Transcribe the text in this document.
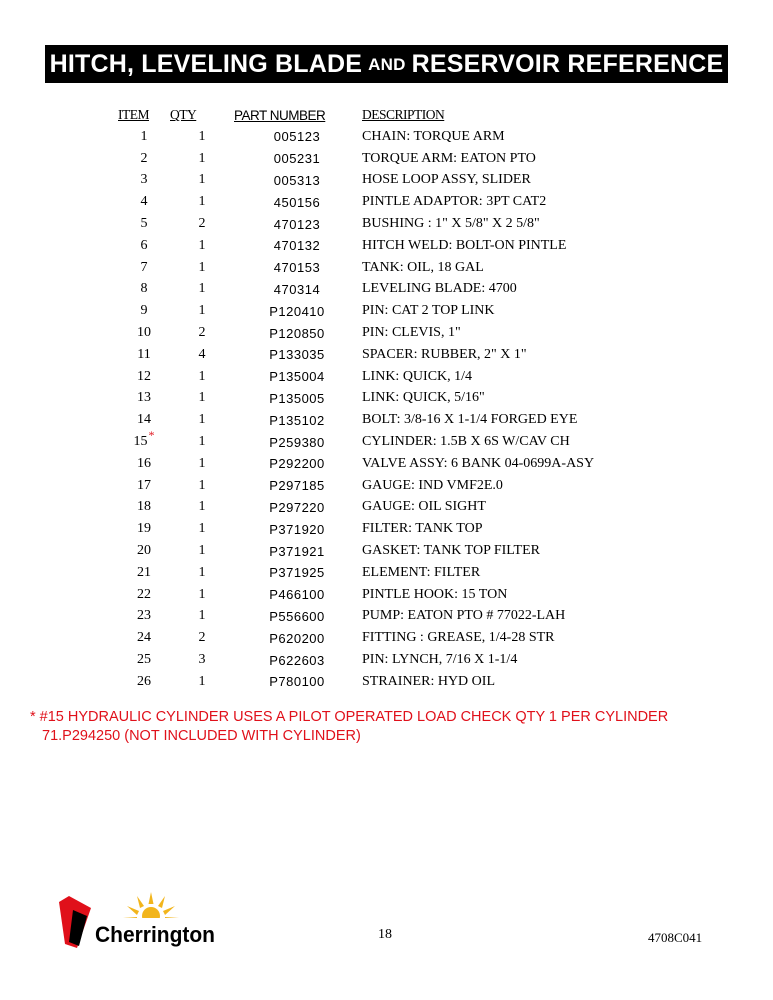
HITCH, LEVELING BLADE AND RESERVOIR REFERENCE
ITEM	QTY	PART NUMBER	DESCRIPTION
1	1	005123	CHAIN: TORQUE ARM
2	1	005231	TORQUE ARM: EATON PTO
3	1	005313	HOSE LOOP ASSY, SLIDER
4	1	450156	PINTLE ADAPTOR: 3PT CAT2
5	2	470123	BUSHING : 1" X 5/8" X 2 5/8"
6	1	470132	HITCH WELD: BOLT-ON PINTLE
7	1	470153	TANK: OIL, 18 GAL
8	1	470314	LEVELING BLADE: 4700
9	1	P120410	PIN: CAT 2 TOP LINK
10	2	P120850	PIN: CLEVIS, 1"
11	4	P133035	SPACER: RUBBER, 2" X 1"
12	1	P135004	LINK: QUICK, 1/4
13	1	P135005	LINK: QUICK, 5/16"
14	1	P135102	BOLT: 3/8-16 X 1-1/4 FORGED EYE
15*	1	P259380	CYLINDER: 1.5B X 6S W/CAV CH
16	1	P292200	VALVE ASSY: 6 BANK 04-0699A-ASY
17	1	P297185	GAUGE: IND VMF2E.0
18	1	P297220	GAUGE: OIL SIGHT
19	1	P371920	FILTER: TANK TOP
20	1	P371921	GASKET: TANK TOP FILTER
21	1	P371925	ELEMENT: FILTER
22	1	P466100	PINTLE HOOK: 15 TON
23	1	P556600	PUMP: EATON PTO # 77022-LAH
24	2	P620200	FITTING : GREASE, 1/4-28 STR
25	3	P622603	PIN: LYNCH, 7/16 X 1-1/4
26	1	P780100	STRAINER: HYD OIL
* #15 HYDRAULIC CYLINDER USES A PILOT OPERATED LOAD CHECK QTY 1 PER CYLINDER
71.P294250 (NOT INCLUDED WITH CYLINDER)
Cherrington	18	4708C041
